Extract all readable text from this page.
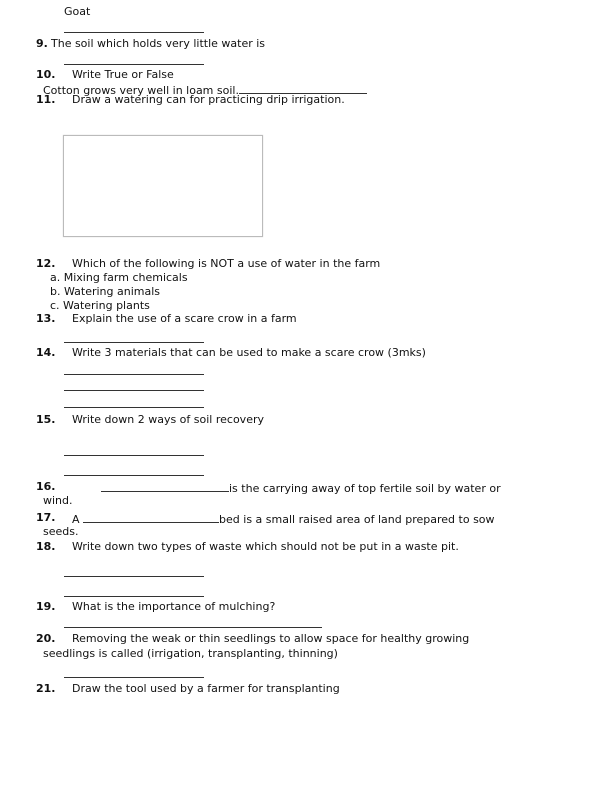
Goat
9. The soil which holds very little water is
10. Write True or False
Cotton grows very well in loam soil.
11. Draw a watering can for practicing drip irrigation.
12. Which of the following is NOT a use of water in the farm
a. Mixing farm chemicals
b. Watering animals
c. Watering plants
13. Explain the use of a scare crow in a farm
14. Write 3 materials that can be used to make a scare crow (3mks)
15. Write down 2 ways of soil recovery
16.	is the carrying away of top fertile soil by water or
wind.
17. A	bed is a small raised area of land prepared to sow
seeds.
18. Write down two types of waste which should not be put in a waste pit.
19. What is the importance of mulching?
20. Removing the weak or thin seedlings to allow space for healthy growing
seedlings is called (irrigation, transplanting, thinning)
21. Draw the tool used by a farmer for transplanting
